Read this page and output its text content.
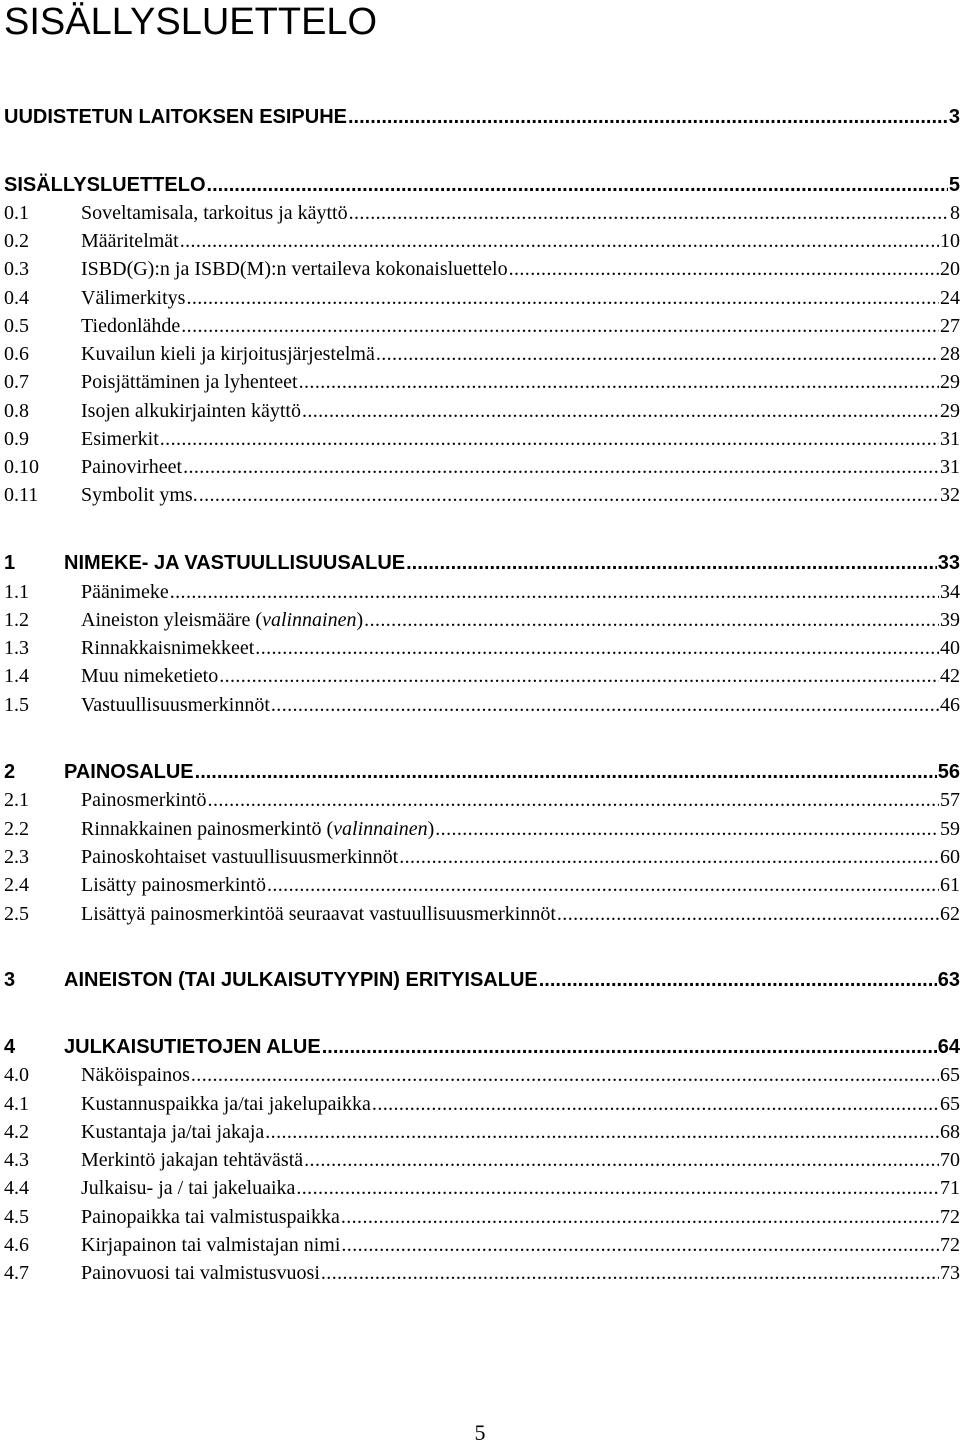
SISÄLLYSLUETTELO
UUDISTETUN LAITOKSEN ESIPUHE .....	3
SISÄLLYSLUETTELO .....	5
0.1	Soveltamisala, tarkoitus ja käyttö .....	8
0.2	Määritelmät .....	10
0.3	ISBD(G):n ja ISBD(M):n vertaileva kokonaisluettelo .....	20
0.4	Välimerkitys .....	24
0.5	Tiedonlähde .....	27
0.6	Kuvailun kieli ja kirjoitusjärjestelmä .....	28
0.7	Poisjättäminen ja lyhenteet .....	29
0.8	Isojen alkukirjainten käyttö .....	29
0.9	Esimerkit .....	31
0.10	Painovirheet .....	31
0.11	Symbolit yms. .....	32
1	NIMEKE- JA VASTUULLISUUSALUE .....	33
1.1	Päänimeke .....	34
1.2	Aineiston yleismääre (valinnainen) .....	39
1.3	Rinnakkaisnimekkeet .....	40
1.4	Muu nimeketieto .....	42
1.5	Vastuullisuusmerkinnöt .....	46
2	PAINOSALUE .....	56
2.1	Painosmerkintö .....	57
2.2	Rinnakkainen painosmerkintö (valinnainen) .....	59
2.3	Painoskohtaiset vastuullisuusmerkinnöt .....	60
2.4	Lisätty painosmerkintö .....	61
2.5	Lisättyä painosmerkintöä seuraavat vastuullisuusmerkinnöt .....	62
3	AINEISTON (TAI JULKAISUTYYPIN) ERITYISALUE .....	63
4	JULKAISUTIETOJEN ALUE .....	64
4.0	Näköispainos .....	65
4.1	Kustannuspaikka ja/tai jakelupaikka .....	65
4.2	Kustantaja ja/tai jakaja .....	68
4.3	Merkintö jakajan tehtävästä .....	70
4.4	Julkaisu- ja / tai jakeluaika .....	71
4.5	Painopaikka tai valmistuspaikka .....	72
4.6	Kirjapainon tai valmistajan nimi .....	72
4.7	Painovuosi tai valmistusvuosi .....	73
5
